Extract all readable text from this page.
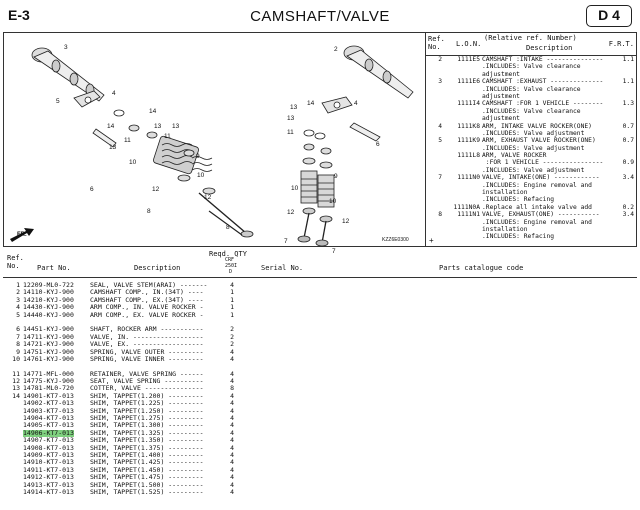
E-3	CAMSHAFT/VALVE	D 4
3
5
4
14
13
6
10
11
14
13 13
11
9
10
12
12
8
8
2
13
14
13
11
4
6
10
12
12
7
7
9
10
FR.
KZZ6E0300
Ref.
No.	L.O.N.
(Relative ref. Number)
Description	F.R.T.
2	1111E5 CAMSHAFT :INTAKE ---------------	1.1
.INCLUDES: Valve clearance
adjustment
3	1111E6 CAMSHAFT :EXHAUST --------------	1.1
.INCLUDES: Valve clearance
adjustment
1111I4 CAMSHAFT :FOR 1 VEHICLE --------	1.3
.INCLUDES: Valve clearance
adjustment
4	1111K8 ARM, INTAKE VALVE ROCKER(ONE)	0.7
.INCLUDES: Valve adjustment
5	1111K9 ARM, EXHAUST VALVE ROCKER(ONE)	0.7
.INCLUDES: Valve adjustment
1111L8 ARM, VALVE ROCKER
:FOR 1 VEHICLE ----------------	0.9
.INCLUDES: Valve adjustment
7	1111N0 VALVE, INTAKE(ONE) ------------	3.4
.INCLUDES: Engine removal and
installation
.INCLUDES: Refacing
1111N0A .Replace all intake valve add	0.2
8	1111N1 VALVE, EXHAUST(ONE) -----------	3.4
.INCLUDES: Engine removal and
installation
.INCLUDES: Refacing
+
Ref.
No.	Part No.	Description
Reqd. QTY
CRF
250I
D	Serial No.	Parts catalogue code
1 12209-ML0-722 SEAL, VALVE STEM(ARAI) -------	4
2 14110-KYJ-900 CAMSHAFT COMP., IN.(34T) ----	1
3 14210-KYJ-900 CAMSHAFT COMP., EX.(34T) ----	1
4 14430-KYJ-900 ARM COMP., IN. VALVE ROCKER -	1
5 14440-KYJ-900 ARM COMP., EX. VALVE ROCKER -	1
6 14451-KYJ-900 SHAFT, ROCKER ARM -----------	2
7 14711-KYJ-900 VALVE, IN. ------------------	2
8 14721-KYJ-900 VALVE, EX. ------------------	2
9 14751-KYJ-900 SPRING, VALVE OUTER ---------	4
10 14761-KYJ-900 SPRING, VALVE INNER ---------	4
11 14771-MFL-000 RETAINER, VALVE SPRING ------	4
12 14775-KYJ-900 SEAT, VALVE SPRING ----------	4
13 14781-ML0-720 COTTER, VALVE ---------------	8
14 14901-KT7-013 SHIM, TAPPET(1.200) ---------	4
14902-KT7-013 SHIM, TAPPET(1.225) ---------	4
14903-KT7-013 SHIM, TAPPET(1.250) ---------	4
14904-KT7-013 SHIM, TAPPET(1.275) ---------	4
14905-KT7-013 SHIM, TAPPET(1.300) ---------	4
14906-KT7-013 SHIM, TAPPET(1.325) ---------	4
14907-KT7-013 SHIM, TAPPET(1.350) ---------	4
14908-KT7-013 SHIM, TAPPET(1.375) ---------	4
14909-KT7-013 SHIM, TAPPET(1.400) ---------	4
14910-KT7-013 SHIM, TAPPET(1.425) ---------	4
14911-KT7-013 SHIM, TAPPET(1.450) ---------	4
14912-KT7-013 SHIM, TAPPET(1.475) ---------	4
14913-KT7-013 SHIM, TAPPET(1.500) ---------	4
14914-KT7-013 SHIM, TAPPET(1.525) ---------	4
